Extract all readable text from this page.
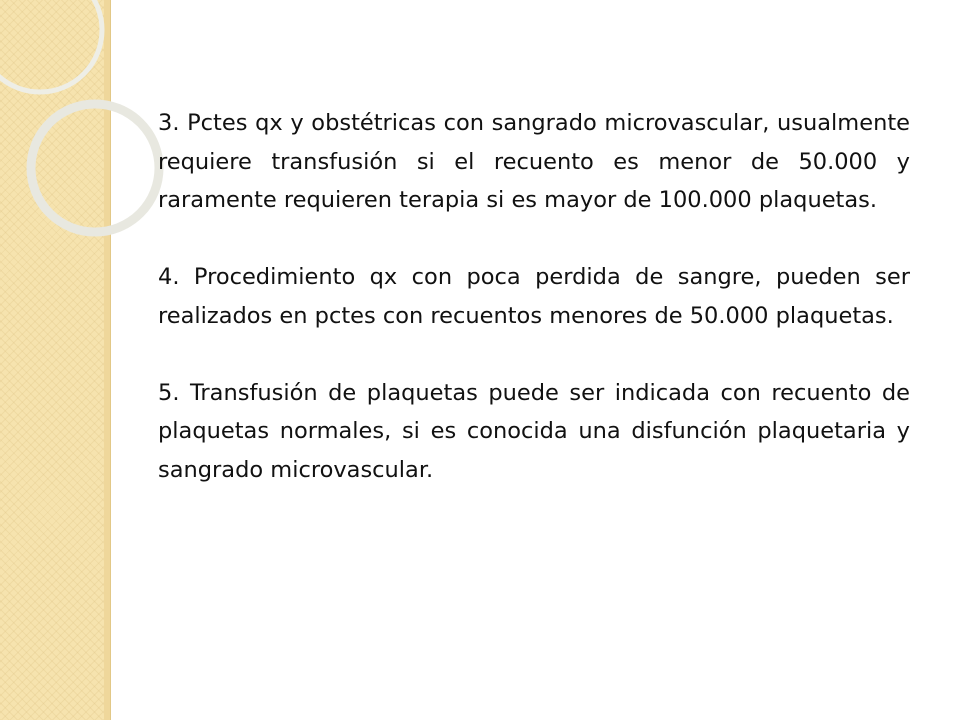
3. Pctes qx y obstétricas con sangrado microvascular, usualmente requiere transfusión si el recuento es menor de 50.000 y raramente requieren terapia si es mayor de 100.000 plaquetas.

4. Procedimiento qx con poca perdida de sangre, pueden ser realizados en pctes con recuentos menores de 50.000 plaquetas.

5. Transfusión de plaquetas puede ser indicada con recuento de plaquetas normales, si es conocida una disfunción plaquetaria y sangrado microvascular.
